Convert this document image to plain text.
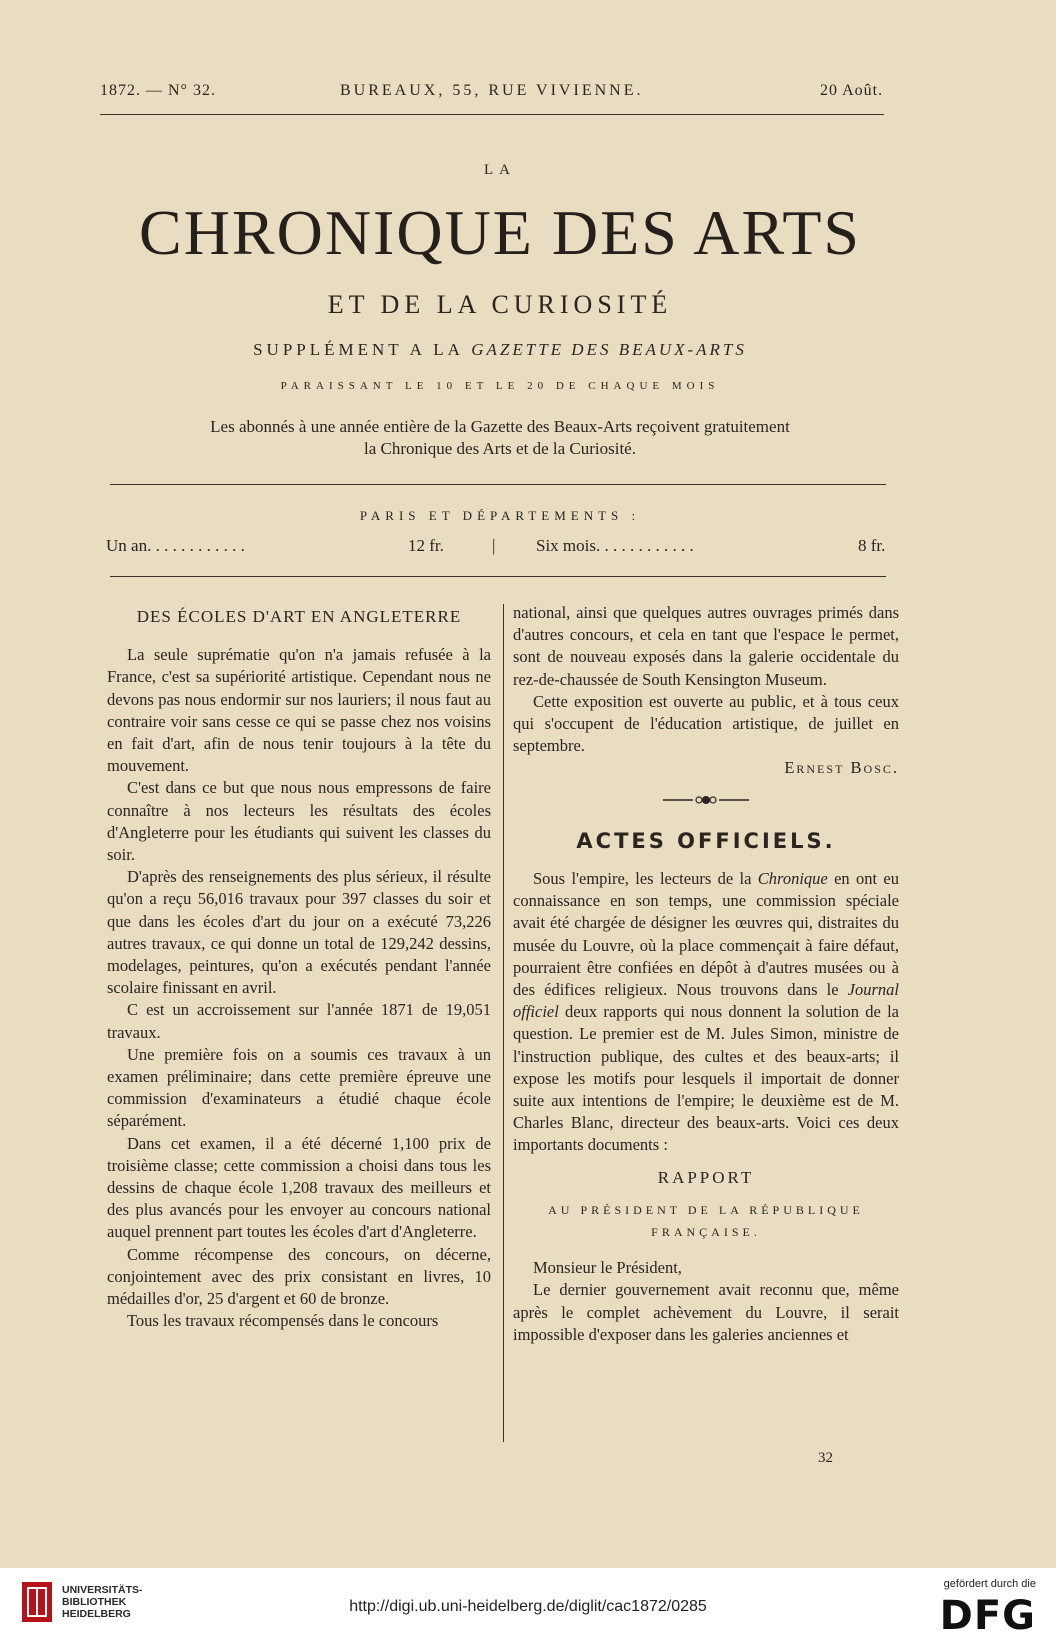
1872. — N° 32.	BUREAUX, 55, RUE VIVIENNE.	20 Août.
LA
CHRONIQUE DES ARTS
ET DE LA CURIOSITÉ
SUPPLÉMENT A LA GAZETTE DES BEAUX-ARTS
PARAISSANT LE 10 ET LE 20 DE CHAQUE MOIS
Les abonnés à une année entière de la Gazette des Beaux-Arts reçoivent gratuitement
la Chronique des Arts et de la Curiosité.
PARIS ET DÉPARTEMENTS :
Un an. . . . . . . . . . . .	12 fr.	| Six mois. . . . . . . . . . . .	8 fr.

DES ÉCOLES D'ART EN ANGLETERRE

La seule suprématie qu'on n'a jamais refusée à la France, c'est sa supériorité artistique. Cependant nous ne devons pas nous endormir sur nos lauriers; il nous faut au contraire voir sans cesse ce qui se passe chez nos voisins en fait d'art, afin de nous tenir toujours à la tête du mouvement.

C'est dans ce but que nous nous empressons de faire connaître à nos lecteurs les résultats des écoles d'Angleterre pour les étudiants qui suivent les classes du soir.

D'après des renseignements des plus sérieux, il résulte qu'on a reçu 56,016 travaux pour 397 classes du soir et que dans les écoles d'art du jour on a exécuté 73,226 autres travaux, ce qui donne un total de 129,242 dessins, modelages, peintures, qu'on a exécutés pendant l'année scolaire finissant en avril.

C est un accroissement sur l'année 1871 de 19,051 travaux.

Une première fois on a soumis ces travaux à un examen préliminaire; dans cette première épreuve une commission d'examinateurs a étudié chaque école séparément.

Dans cet examen, il a été décerné 1,100 prix de troisième classe; cette commission a choisi dans tous les dessins de chaque école 1,208 travaux des meilleurs et des plus avancés pour les envoyer au concours national auquel prennent part toutes les écoles d'art d'Angleterre.

Comme récompense des concours, on décerne, conjointement avec des prix consistant en livres, 10 médailles d'or, 25 d'argent et 60 de bronze.

Tous les travaux récompensés dans le concours

national, ainsi que quelques autres ouvrages primés dans d'autres concours, et cela en tant que l'espace le permet, sont de nouveau exposés dans la galerie occidentale du rez-de-chaussée de South Kensington Museum.

Cette exposition est ouverte au public, et à tous ceux qui s'occupent de l'éducation artistique, de juillet en septembre.

Ernest Bosc.

ACTES OFFICIELS.

Sous l'empire, les lecteurs de la Chronique en ont eu connaissance en son temps, une commission spéciale avait été chargée de désigner les œuvres qui, distraites du musée du Louvre, où la place commençait à faire défaut, pourraient être confiées en dépôt à d'autres musées ou à des édifices religieux. Nous trouvons dans le Journal officiel deux rapports qui nous donnent la solution de la question. Le premier est de M. Jules Simon, ministre de l'instruction publique, des cultes et des beaux-arts; il expose les motifs pour lesquels il importait de donner suite aux intentions de l'empire; le deuxième est de M. Charles Blanc, directeur des beaux-arts. Voici ces deux importants documents :

RAPPORT
AU PRÉSIDENT DE LA RÉPUBLIQUE FRANÇAISE.

Monsieur le Président,

Le dernier gouvernement avait reconnu que, même après le complet achèvement du Louvre, il serait impossible d'exposer dans les galeries anciennes et

32
UNIVERSITÄTS-
BIBLIOTHEK
HEIDELBERG	http://digi.ub.uni-heidelberg.de/diglit/cac1872/0285
gefördert durch die
DFG
